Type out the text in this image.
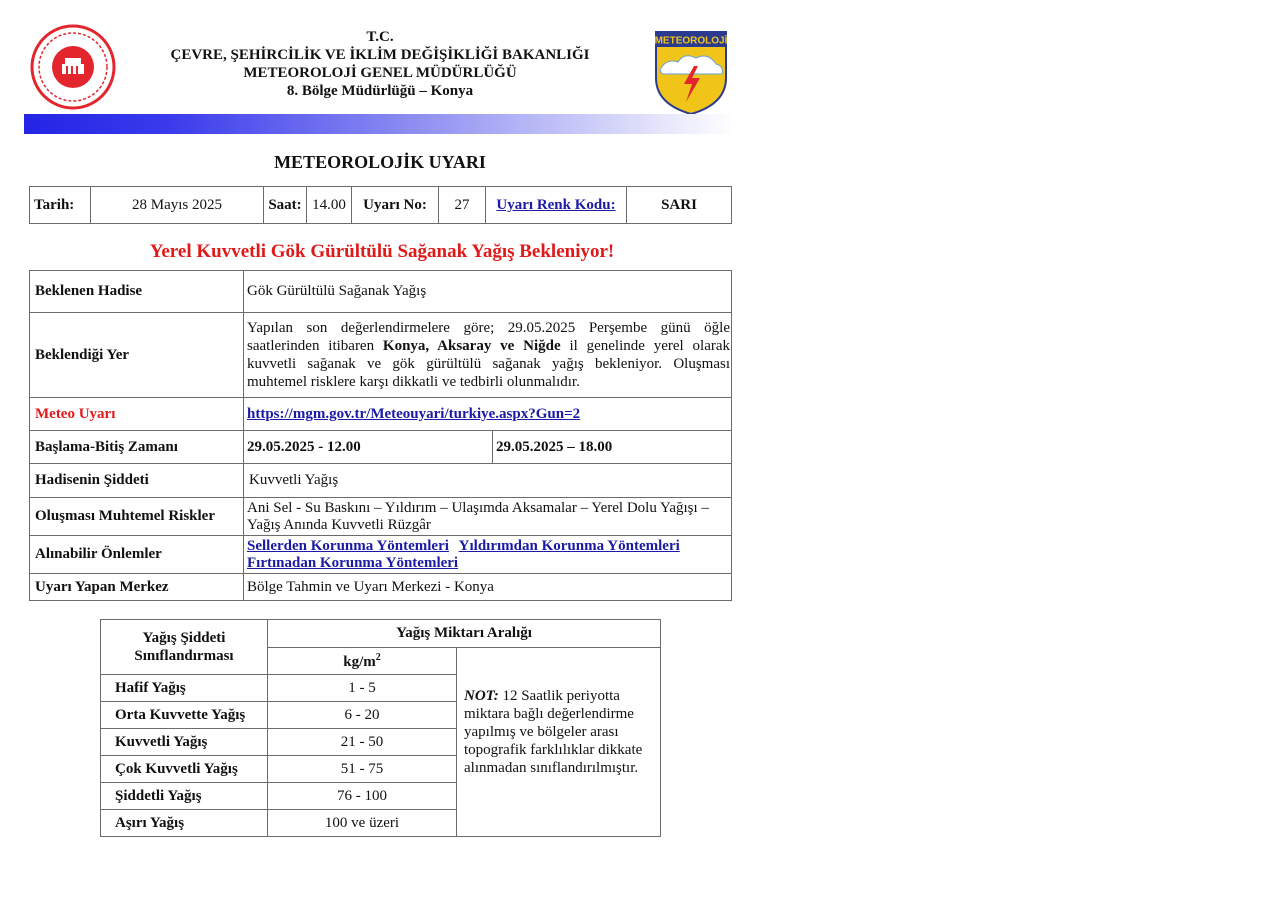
T.C.
ÇEVRE, ŞEHİRCİLİK VE İKLİM DEĞİŞİKLİĞİ BAKANLIĞI
METEOROLOJİ GENEL MÜDÜRLÜĞÜ
8. Bölge Müdürlüğü – Konya
METEOROLOJİ
METEOROLOJİK UYARI
Tarih:	28 Mayıs 2025	Saat:	14.00	Uyarı No:	27	Uyarı Renk Kodu:	SARI
Yerel Kuvvetli Gök Gürültülü Sağanak Yağış Bekleniyor!
Beklenen Hadise	Gök Gürültülü Sağanak Yağış	
Beklendiği Yer	Yapılan son değerlendirmelere göre; 29.05.2025 Perşembe günü öğle saatlerinden itibaren Konya, Aksaray ve Niğde il genelinde yerel olarak kuvvetli sağanak ve gök gürültülü sağanak yağış bekleniyor. Oluşması muhtemel risklere karşı dikkatli ve tedbirli olunmalıdır.	
Meteo Uyarı	https://mgm.gov.tr/Meteouyari/turkiye.aspx?Gun=2	
Başlama-Bitiş Zamanı	29.05.2025 - 12.00	29.05.2025 – 18.00
Hadisenin Şiddeti	Kuvvetli Yağış	
Oluşması Muhtemel Riskler	Ani Sel - Su Baskını – Yıldırım – Ulaşımda Aksamalar – Yerel Dolu Yağışı – Yağış Anında Kuvvetli Rüzgâr	
Alınabilir Önlemler	Sellerden Korunma Yöntemleri Yıldırımdan Korunma Yöntemleri
Fırtınadan Korunma Yöntemleri	
Uyarı Yapan Merkez	Bölge Tahmin ve Uyarı Merkezi - Konya	
Yağış Şiddeti
Sınıflandırması	Yağış Miktarı Aralığı	
	$kg/m^2$	NOT: 12 Saatlik periyotta miktara bağlı değerlendirme yapılmış ve bölgeler arası topografik farklılıklar dikkate alınmadan sınıflandırılmıştır.
Hafif Yağış	1 - 5	
Orta Kuvvette Yağış	6 - 20	
Kuvvetli Yağış	21 - 50	
Çok Kuvvetli Yağış	51 - 75	
Şiddetli Yağış	76 - 100	
Aşırı Yağış	100 ve üzeri	
